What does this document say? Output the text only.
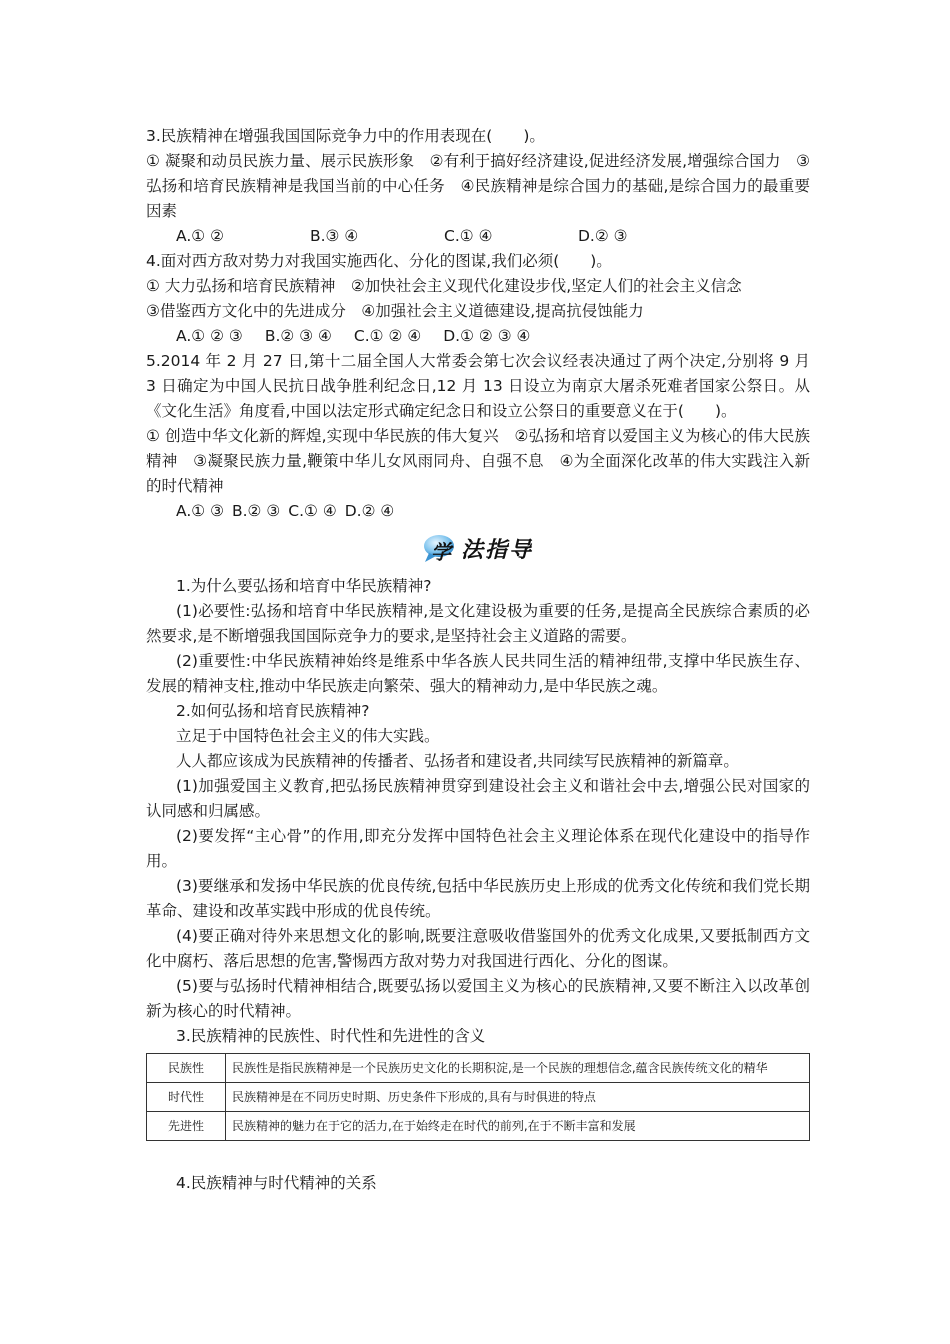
3.民族精神在增强我国国际竞争力中的作用表现在(　　)。

① 凝聚和动员民族力量、展示民族形象　②有利于搞好经济建设,促进经济发展,增强综合国力　③弘扬和培育民族精神是我国当前的中心任务　④民族精神是综合国力的基础,是综合国力的最重要因素

A.① ②	B.③ ④	C.① ④	D.② ③

4.面对西方敌对势力对我国实施西化、分化的图谋,我们必须(　　)。

① 大力弘扬和培育民族精神　②加快社会主义现代化建设步伐,坚定人们的社会主义信念

③借鉴西方文化中的先进成分　④加强社会主义道德建设,提高抗侵蚀能力

A.① ② ③ B.② ③ ④ C.① ② ④ D.① ② ③ ④

5.2014 年 2 月 27 日,第十二届全国人大常委会第七次会议经表决通过了两个决定,分别将 9 月 3 日确定为中国人民抗日战争胜利纪念日,12 月 13 日设立为南京大屠杀死难者国家公祭日。从《文化生活》角度看,中国以法定形式确定纪念日和设立公祭日的重要意义在于(　　)。

① 创造中华文化新的辉煌,实现中华民族的伟大复兴　②弘扬和培育以爱国主义为核心的伟大民族精神　③凝聚民族力量,鞭策中华儿女风雨同舟、自强不息　④为全面深化改革的伟大实践注入新的时代精神

A.① ③ B.② ③ C.① ④ D.② ④
学 法指导

1.为什么要弘扬和培育中华民族精神?

(1)必要性:弘扬和培育中华民族精神,是文化建设极为重要的任务,是提高全民族综合素质的必然要求,是不断增强我国国际竞争力的要求,是坚持社会主义道路的需要。

(2)重要性:中华民族精神始终是维系中华各族人民共同生活的精神纽带,支撑中华民族生存、发展的精神支柱,推动中华民族走向繁荣、强大的精神动力,是中华民族之魂。

2.如何弘扬和培育民族精神?

立足于中国特色社会主义的伟大实践。

人人都应该成为民族精神的传播者、弘扬者和建设者,共同续写民族精神的新篇章。

(1)加强爱国主义教育,把弘扬民族精神贯穿到建设社会主义和谐社会中去,增强公民对国家的认同感和归属感。

(2)要发挥“主心骨”的作用,即充分发挥中国特色社会主义理论体系在现代化建设中的指导作用。

(3)要继承和发扬中华民族的优良传统,包括中华民族历史上形成的优秀文化传统和我们党长期革命、建设和改革实践中形成的优良传统。

(4)要正确对待外来思想文化的影响,既要注意吸收借鉴国外的优秀文化成果,又要抵制西方文化中腐朽、落后思想的危害,警惕西方敌对势力对我国进行西化、分化的图谋。

(5)要与弘扬时代精神相结合,既要弘扬以爱国主义为核心的民族精神,又要不断注入以改革创新为核心的时代精神。

3.民族精神的民族性、时代性和先进性的含义

民族性	民族性是指民族精神是一个民族历史文化的长期积淀,是一个民族的理想信念,蕴含民族传统文化的精华
时代性	民族精神是在不同历史时期、历史条件下形成的,具有与时俱进的特点
先进性	民族精神的魅力在于它的活力,在于始终走在时代的前列,在于不断丰富和发展

4.民族精神与时代精神的关系
